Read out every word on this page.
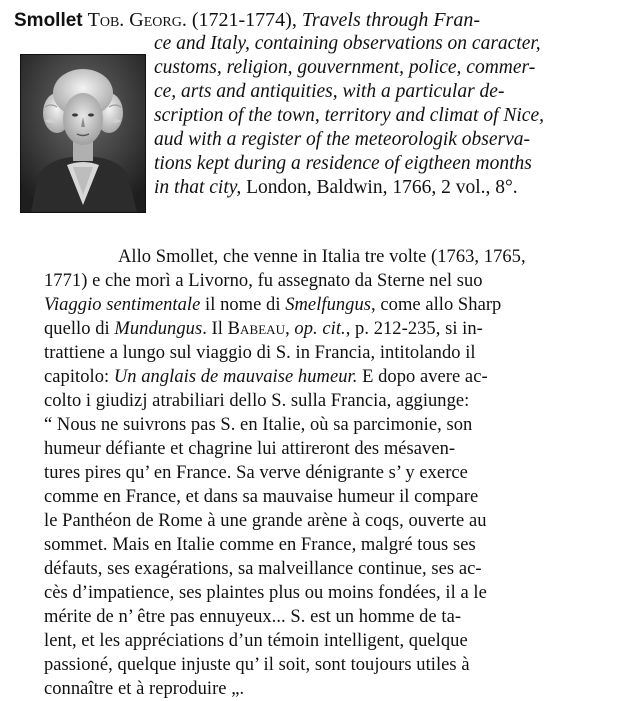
Smollet Tob. Georg. (1721-1774), Travels through Fran-
ce and Italy, containing observations on caracter,
customs, religion, gouvernment, police, commer-
ce, arts and antiquities, with a particular de-
scription of the town, territory and climat of Nice,
aud with a register of the meteorologik observa-
tions kept during a residence of eigtheen months
in that city, London, Baldwin, 1766, 2 vol., 8°.
Allo Smollet, che venne in Italia tre volte (1763, 1765,
1771) e che morì a Livorno, fu assegnato da Sterne nel suo
Viaggio sentimentale il nome di Smelfungus, come allo Sharp
quello di Mundungus. Il Babeau, op. cit., p. 212-235, si in-
trattiene a lungo sul viaggio di S. in Francia, intitolando il
capitolo: Un anglais de mauvaise humeur. E dopo avere ac-
colto i giudizj atrabiliari dello S. sulla Francia, aggiunge:
“ Nous ne suivrons pas S. en Italie, où sa parcimonie, son
humeur défiante et chagrine lui attireront des mésaven-
tures pires qu’ en France. Sa verve dénigrante s’ y exerce
comme en France, et dans sa mauvaise humeur il compare
le Panthéon de Rome à une grande arène à coqs, ouverte au
sommet. Mais en Italie comme en France, malgré tous ses
défauts, ses exagérations, sa malveillance continue, ses ac-
cès d’impatience, ses plaintes plus ou moins fondées, il a le
mérite de n’ être pas ennuyeux... S. est un homme de ta-
lent, et les appréciations d’un témoin intelligent, quelque
passioné, quelque injuste qu’ il soit, sont toujours utiles à
connaître et à reproduire „.
